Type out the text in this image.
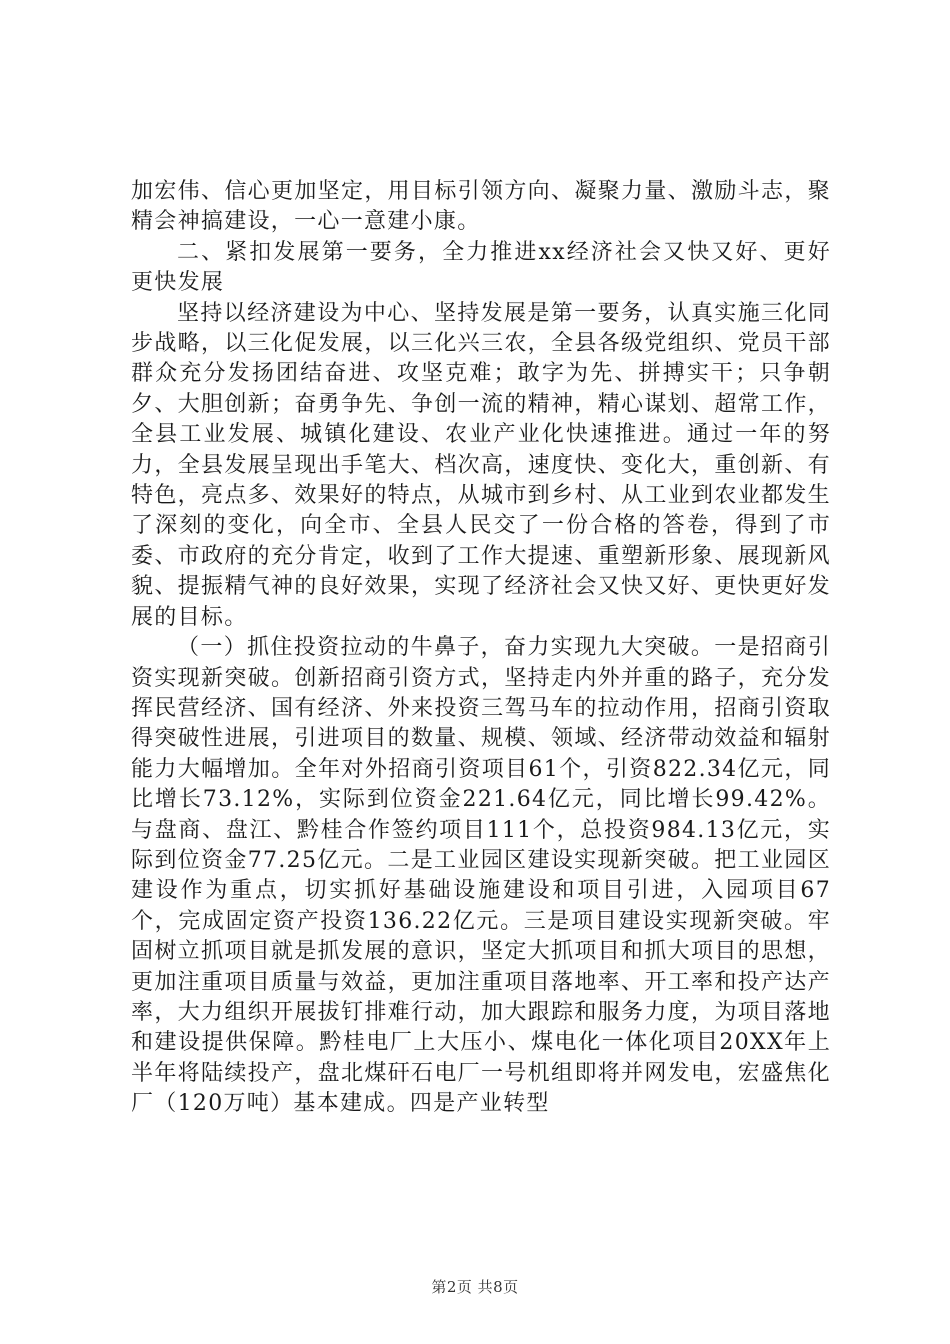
加宏伟、信心更加坚定，用目标引领方向、凝聚力量、激励斗志，聚精会神搞建设，一心一意建小康。

二、紧扣发展第一要务，全力推进xx经济社会又快又好、更好更快发展

坚持以经济建设为中心、坚持发展是第一要务，认真实施三化同步战略，以三化促发展，以三化兴三农，全县各级党组织、党员干部群众充分发扬团结奋进、攻坚克难；敢字为先、拼搏实干；只争朝夕、大胆创新；奋勇争先、争创一流的精神，精心谋划、超常工作，全县工业发展、城镇化建设、农业产业化快速推进。通过一年的努力，全县发展呈现出手笔大、档次高，速度快、变化大，重创新、有特色，亮点多、效果好的特点，从城市到乡村、从工业到农业都发生了深刻的变化，向全市、全县人民交了一份合格的答卷，得到了市委、市政府的充分肯定，收到了工作大提速、重塑新形象、展现新风貌、提振精气神的良好效果，实现了经济社会又快又好、更快更好发展的目标。

（一）抓住投资拉动的牛鼻子，奋力实现九大突破。一是招商引资实现新突破。创新招商引资方式，坚持走内外并重的路子，充分发挥民营经济、国有经济、外来投资三驾马车的拉动作用，招商引资取得突破性进展，引进项目的数量、规模、领域、经济带动效益和辐射能力大幅增加。全年对外招商引资项目61个，引资822.34亿元，同比增长73.12%，实际到位资金221.64亿元，同比增长99.42%。与盘商、盘江、黔桂合作签约项目111个，总投资984.13亿元，实际到位资金77.25亿元。二是工业园区建设实现新突破。把工业园区建设作为重点，切实抓好基础设施建设和项目引进，入园项目67个，完成固定资产投资136.22亿元。三是项目建设实现新突破。牢固树立抓项目就是抓发展的意识，坚定大抓项目和抓大项目的思想，更加注重项目质量与效益，更加注重项目落地率、开工率和投产达产率，大力组织开展拔钉排难行动，加大跟踪和服务力度，为项目落地和建设提供保障。黔桂电厂上大压小、煤电化一体化项目20XX年上半年将陆续投产，盘北煤矸石电厂一号机组即将并网发电，宏盛焦化厂（120万吨）基本建成。四是产业转型

第2页 共8页
